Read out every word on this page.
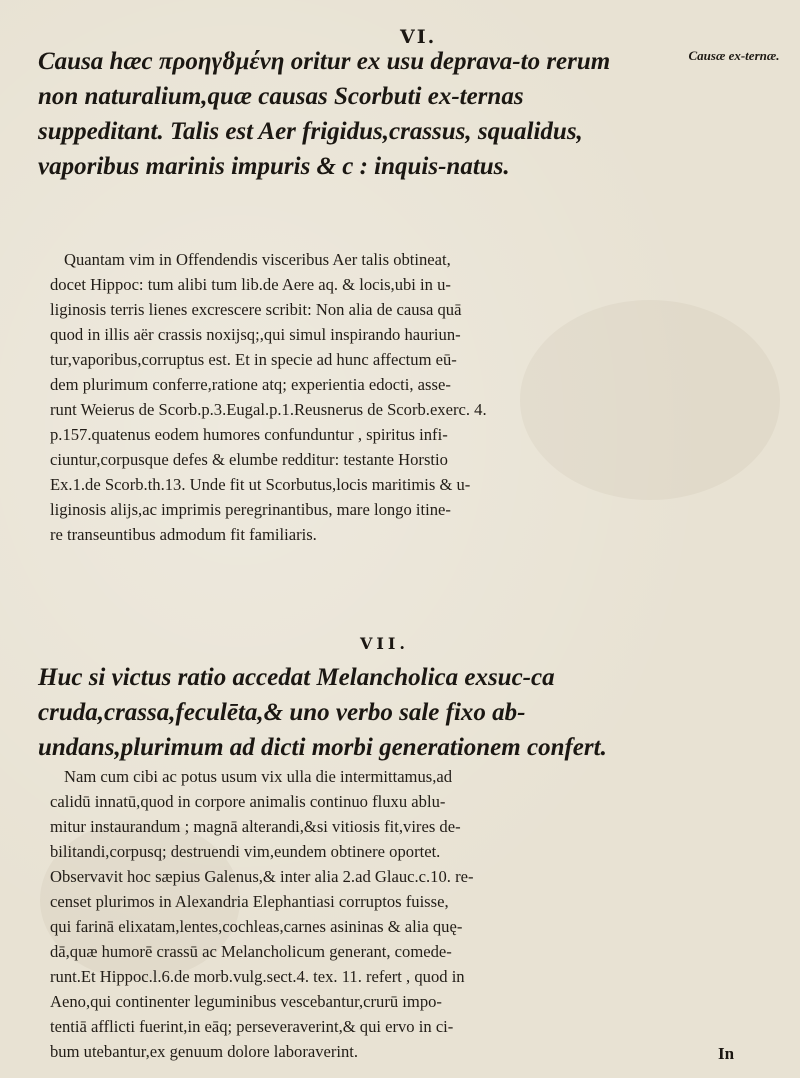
VI.
Causa hæc πρoηγȣμένη oritur ex usu deprava-to rerum non naturalium,quæ causas Scorbuti ex-ternas suppeditant. Talis est Aer frigidus,crassus, squalidus, vaporibus marinis impuris & c : inquis-natus.
Causæ ex-ternæ.
Quantam vim in Offendendis visceribus Aer talis obtineat,
docet Hippoc: tum alibi tum lib.de Aere aq. & locis,ubi in u-
liginosis terris lienes excrescere scribit: Non alia de causa quā
quod in illis aër crassis noxijsq;,qui simul inspirando hauriun-
tur,vaporibus,corruptus est. Et in specie ad hunc affectum eū-
dem plurimum conferre,ratione atq; experientia edocti, asse-
runt Weierus de Scorb.p.3.Eugal.p.1.Reusnerus de Scorb.exerc. 4.
p.157.quatenus eodem humores confunduntur , spiritus infi-
ciuntur,corpusque defes & elumbe redditur: testante Horstio
Ex.1.de Scorb.th.13. Unde fit ut Scorbutus,locis maritimis & u-
liginosis alijs,ac imprimis peregrinantibus, mare longo itine-
re transeuntibus admodum fit familiaris.
VII.
Huc si victus ratio accedat Melancholica exsuc-ca cruda,crassa,feculēta,& uno verbo sale fixo ab-undans,plurimum ad dicti morbi generationem confert.
Nam cum cibi ac potus usum vix ulla die intermittamus,ad
calidū innatū,quod in corpore animalis continuo fluxu ablu-
mitur instaurandum ; magnā alterandi,&si vitiosis fit,vires de-
bilitandi,corpusq; destruendi vim,eundem obtinere oportet.
Observavit hoc sæpius Galenus,& inter alia 2.ad Glauc.c.10. re-
censet plurimos in Alexandria Elephantiasi corruptos fuisse,
qui farinā elixatam,lentes,cochleas,carnes asininas & alia quę-
dā,quæ humorē crassū ac Melancholicum generant, comede-
runt.Et Hippoc.l.6.de morb.vulg.sect.4. tex. 11. refert , quod in
Aeno,qui continenter leguminibus vescebantur,crurū impo-
tentiā afflicti fuerint,in eāq; perseveraverint,& qui ervo in ci-
bum utebantur,ex genuum dolore laboraverint.	In
